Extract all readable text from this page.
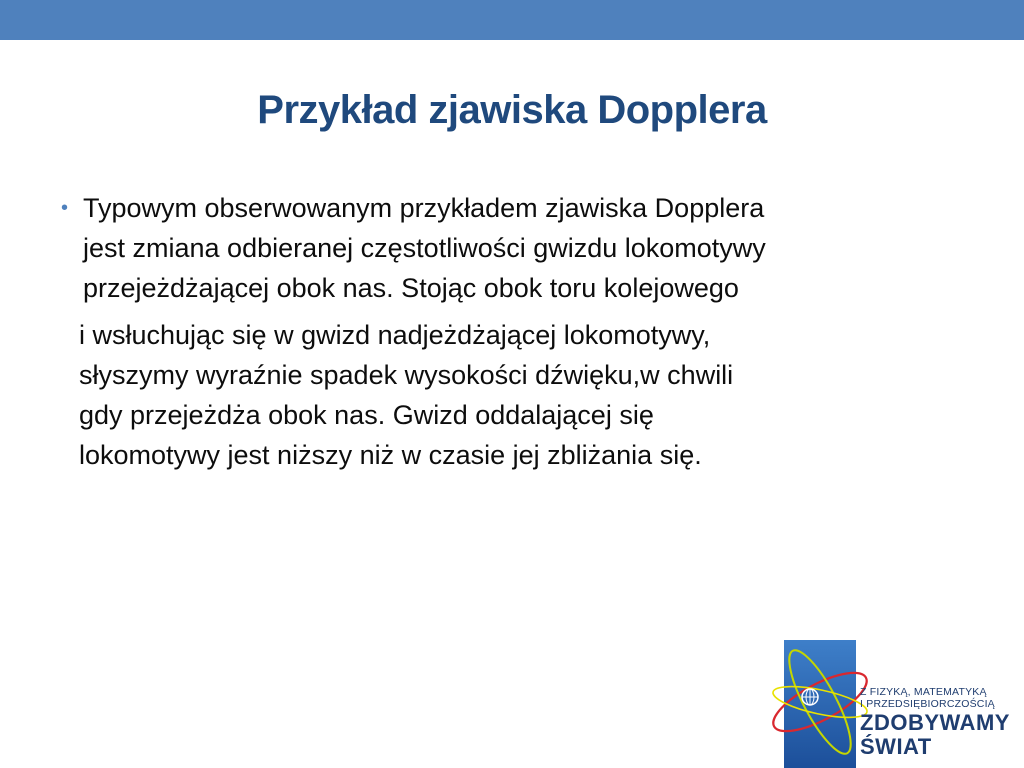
Przykład zjawiska Dopplera
• Typowym obserwowanym przykładem zjawiska Dopplera
jest zmiana odbieranej częstotliwości gwizdu lokomotywy
przejeżdżającej obok nas. Stojąc obok toru kolejowego
i wsłuchując się w gwizd nadjeżdżającej lokomotywy,
słyszymy wyraźnie spadek wysokości dźwięku,w chwili
gdy przejeżdża obok nas. Gwizd oddalającej się
lokomotywy jest niższy niż w czasie jej zbliżania się.
Z FIZYKĄ, MATEMATYKĄ
I PRZEDSIĘBIORCZOŚCIĄ
ZDOBYWAMY
ŚWIAT
